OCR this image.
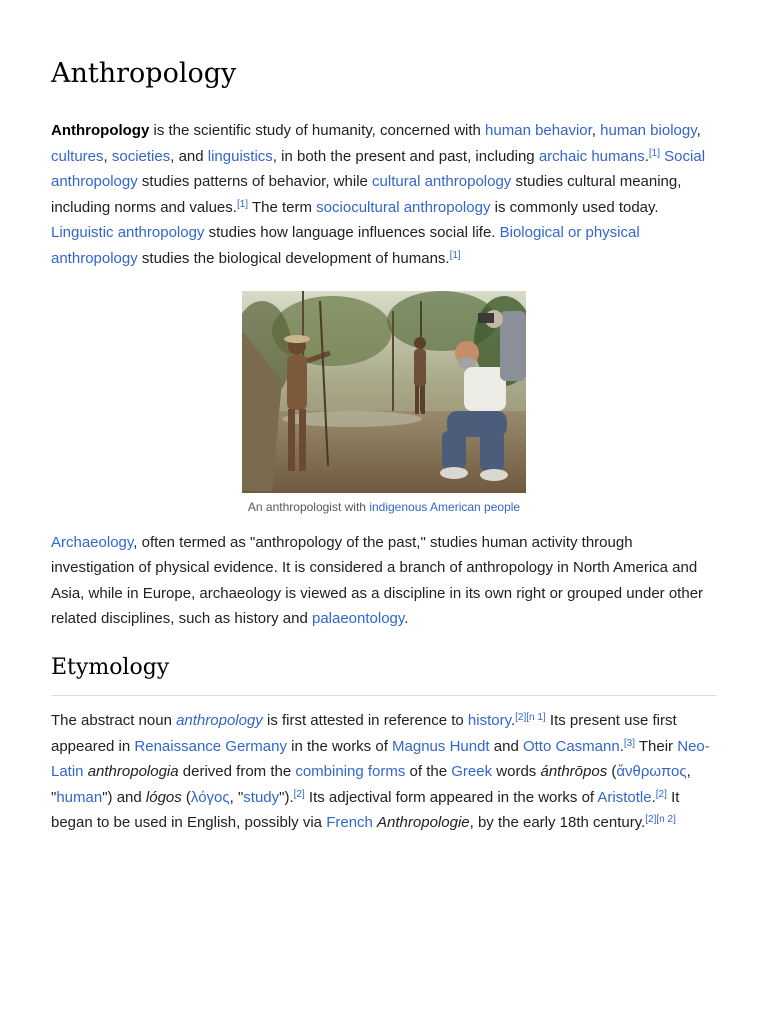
Anthropology

Anthropology is the scientific study of humanity, concerned with human behavior, human biology, cultures, societies, and linguistics, in both the present and past, including archaic humans.[1] Social anthropology studies patterns of behavior, while cultural anthropology studies cultural meaning, including norms and values.[1] The term sociocultural anthropology is commonly used today. Linguistic anthropology studies how language influences social life. Biological or physical anthropology studies the biological development of humans.[1]

An anthropologist with indigenous American people

Archaeology, often termed as "anthropology of the past," studies human activity through investigation of physical evidence. It is considered a branch of anthropology in North America and Asia, while in Europe, archaeology is viewed as a discipline in its own right or grouped under other related disciplines, such as history and palaeontology.

Etymology

The abstract noun anthropology is first attested in reference to history.[2][n 1] Its present use first appeared in Renaissance Germany in the works of Magnus Hundt and Otto Casmann.[3] Their Neo-Latin anthropologia derived from the combining forms of the Greek words ánthrōpos (ἄνθρωπος, "human") and lógos (λόγος, "study").[2] Its adjectival form appeared in the works of Aristotle.[2] It began to be used in English, possibly via French Anthropologie, by the early 18th century.[2][n 2]
